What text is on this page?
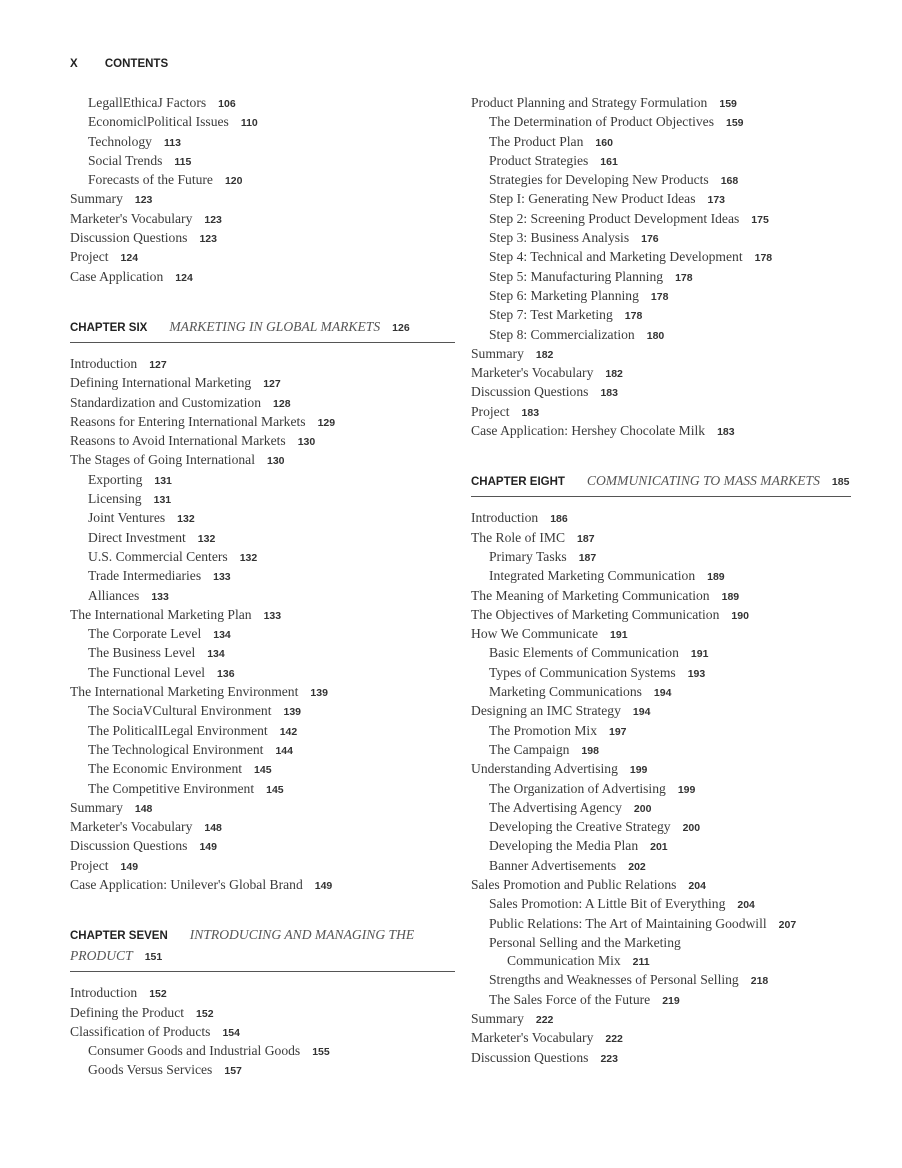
X CONTENTS
LegallEthicaJ Factors 106
EconomiclPolitical Issues 110
Technology 113
Social Trends 115
Forecasts of the Future 120
Summary 123
Marketer's Vocabulary 123
Discussion Questions 123
Project 124
Case Application 124
CHAPTER SIX MARKETING IN GLOBAL MARKETS 126
Introduction 127
Defining International Marketing 127
Standardization and Customization 128
Reasons for Entering International Markets 129
Reasons to Avoid International Markets 130
The Stages of Going International 130
Exporting 131
Licensing 131
Joint Ventures 132
Direct Investment 132
U.S. Commercial Centers 132
Trade Intermediaries 133
Alliances 133
The International Marketing Plan 133
The Corporate Level 134
The Business Level 134
The Functional Level 136
The International Marketing Environment 139
The SociaVCultural Environment 139
The PoliticalILegal Environment 142
The Technological Environment 144
The Economic Environment 145
The Competitive Environment 145
Summary 148
Marketer's Vocabulary 148
Discussion Questions 149
Project 149
Case Application: Unilever's Global Brand 149
CHAPTER SEVEN INTRODUCING AND MANAGING THE PRODUCT 151
Introduction 152
Defining the Product 152
Classification of Products 154
Consumer Goods and Industrial Goods 155
Goods Versus Services 157
Product Planning and Strategy Formulation 159
The Determination of Product Objectives 159
The Product Plan 160
Product Strategies 161
Strategies for Developing New Products 168
Step I: Generating New Product Ideas 173
Step 2: Screening Product Development Ideas 175
Step 3: Business Analysis 176
Step 4: Technical and Marketing Development 178
Step 5: Manufacturing Planning 178
Step 6: Marketing Planning 178
Step 7: Test Marketing 178
Step 8: Commercialization 180
Summary 182
Marketer's Vocabulary 182
Discussion Questions 183
Project 183
Case Application: Hershey Chocolate Milk 183
CHAPTER EIGHT COMMUNICATING TO MASS MARKETS 185
Introduction 186
The Role of IMC 187
Primary Tasks 187
Integrated Marketing Communication 189
The Meaning of Marketing Communication 189
The Objectives of Marketing Communication 190
How We Communicate 191
Basic Elements of Communication 191
Types of Communication Systems 193
Marketing Communications 194
Designing an IMC Strategy 194
The Promotion Mix 197
The Campaign 198
Understanding Advertising 199
The Organization of Advertising 199
The Advertising Agency 200
Developing the Creative Strategy 200
Developing the Media Plan 201
Banner Advertisements 202
Sales Promotion and Public Relations 204
Sales Promotion: A Little Bit of Everything 204
Public Relations: The Art of Maintaining Goodwill 207
Personal Selling and the Marketing
Communication Mix 211
Strengths and Weaknesses of Personal Selling 218
The Sales Force of the Future 219
Summary 222
Marketer's Vocabulary 222
Discussion Questions 223
